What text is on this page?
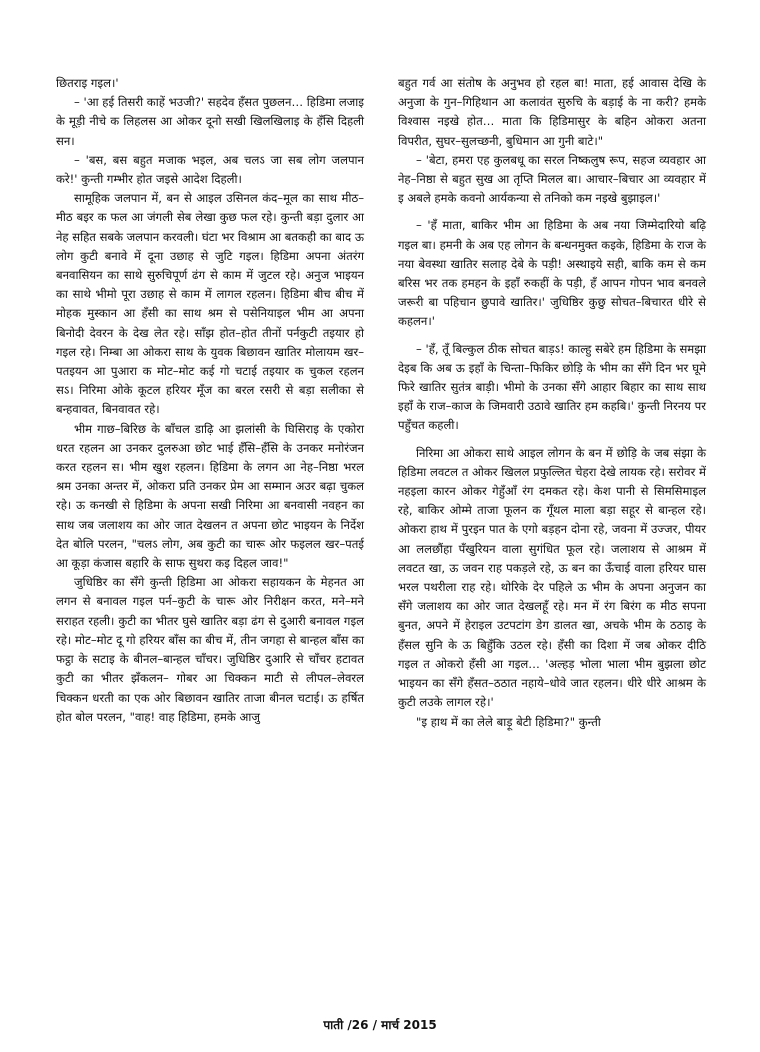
छितराइ गइल।'

– 'आ हई तिसरी काहें भउजी?' सहदेव हँसत पुछलन… हिडिमा लजाइ के मूड़ी नीचे क लिहलस आ ओकर दूनो सखी खिलखिलाइ के हँसि दिहली सन।

– 'बस, बस बहुत मजाक भइल, अब चलऽ जा सब लोग जलपान करे!' कुन्ती गम्भीर होत जइसे आदेश दिहली।

सामूहिक जलपान में, बन से आइल उसिनल कंद–मूल का साथ मीठ–मीठ बइर क फल आ जंगली सेब लेखा कुछ फल रहे। कुन्ती बड़ा दुलार आ नेह सहित सबके जलपान करवली। घंटा भर विश्राम आ बतकही का बाद ऊ लोग कुटी बनावे में दूना उछाह से जुटि गइल। हिडिमा अपना अंतरंग बनवासियन का साथे सुरुचिपूर्ण ढंग से काम में जुटल रहे। अनुज भाइयन का साथे भीमो पूरा उछाह से काम में लागल रहलन। हिडिमा बीच बीच में मोहक मुस्कान आ हँसी का साथ श्रम से पसेनियाइल भीम आ अपना बिनोदी देवरन के देख लेत रहे। साँझ होत–होत तीनों पर्नकुटी तइयार हो गइल रहे। निम्बा आ ओकरा साथ के युवक बिछावन खातिर मोलायम खर–पतइयन आ पुआरा क मोट–मोट कई गो चटाई तइयार क चुकल रहलन सऽ। निरिमा ओके कूटल हरियर मूँज का बरल रसरी से बड़ा सलीका से बन्हवावत, बिनवावत रहे।

भीम गाछ–बिरिछ के बाँचल डाढ़ि आ झलांसी के घिसिराइ के एकोरा धरत रहलन आ उनकर दुलरुआ छोट भाई हँसि–हँसि के उनकर मनोरंजन करत रहलन स। भीम खुश रहलन। हिडिमा के लगन आ नेह–निष्ठा भरल श्रम उनका अन्तर में, ओकरा प्रति उनकर प्रेम आ सम्मान अउर बढ़ा चुकल रहे। ऊ कनखी से हिडिमा के अपना सखी निरिमा आ बनवासी नवहन का साथ जब जलाशय का ओर जात देखलन त अपना छोट भाइयन के निर्देश देत बोलि परलन, "चलऽ लोग, अब कुटी का चारू ओर फइलल खर–पतई आ कूड़ा कंजास बहारि के साफ सुथरा कइ दिहल जाव!"

जुधिष्ठिर का सँगे कुन्ती हिडिमा आ ओकरा सहायकन के मेहनत आ लगन से बनावल गइल पर्न–कुटी के चारू ओर निरीक्षन करत, मने–मने सराहत रहली। कुटी का भीतर घुसे खातिर बड़ा ढंग से दुआरी बनावल गइल रहे। मोट–मोट दू गो हरियर बाँस का बीच में, तीन जगहा से बान्हल बाँस का फट्ठा के सटाइ के बीनल–बान्हल चाँचर। जुधिष्ठिर दुआरि से चाँचर हटावत कुटी का भीतर झँकलन– गोबर आ चिक्कन माटी से लीपल–लेवरल चिक्कन धरती का एक ओर बिछावन खातिर ताजा बीनल चटाई। ऊ हर्षित होत बोल परलन, "वाह! वाह हिडिमा, हमके आजु

बहुत गर्व आ संतोष के अनुभव हो रहल बा! माता, हई आवास देखि के अनुजा के गुन–गिहिथान आ कलावंत सुरुचि के बड़ाई के ना करी? हमके विश्वास नइखे होत… माता कि हिडिमासुर के बहिन ओकरा अतना विपरीत, सुघर–सुलच्छनी, बुधिमान आ गुनी बाटे।"

– 'बेटा, हमरा एह कुलबधू का सरल निष्कलुष रूप, सहज व्यवहार आ नेह–निष्ठा से बहुत सुख आ तृप्ति मिलल बा। आचार–बिचार आ व्यवहार में इ अबले हमके कवनो आर्यकन्या से तनिको कम नइखे बुझाइल।'

– 'हँ माता, बाकिर भीम आ हिडिमा के अब नया जिम्मेदारियो बढ़ि गइल बा। हमनी के अब एह लोगन के बन्धनमुक्त कइके, हिडिमा के राज के नया बेवस्था खातिर सलाह देबे के पड़ी! अस्थाइये सही, बाकि कम से कम बरिस भर तक हमहन के इहाँ रुकहीं के पड़ी, हँ आपन गोपन भाव बनवले जरूरी बा पहिचान छुपावे खातिर।' जुधिष्ठिर कुछु सोचत–बिचारत धीरे से कहलन।'

– 'हँ, तूँ बिल्कुल ठीक सोचत बाड़ऽ! काल्हु सबेरे हम हिडिमा के समझा देइब कि अब ऊ इहाँ के चिन्ता–फिकिर छोड़ि के भीम का सँगे दिन भर घूमे फिरे खातिर सुतंत्र बाड़ी। भीमो के उनका सँगे आहार बिहार का साथ साथ इहाँ के राज–काज के जिमवारी उठावे खातिर हम कहबि।' कुन्ती निरनय पर पहुँचत कहली।

निरिमा आ ओकरा साथे आइल लोगन के बन में छोड़ि के जब संझा के हिडिमा लवटल त ओकर खिलल प्रफुल्लित चेहरा देखे लायक रहे। सरोवर में नहइला कारन ओकर गेहुँआँ रंग दमकत रहे। केश पानी से सिमसिमाइल रहे, बाकिर ओम्मे ताजा फूलन क गूँथल माला बड़ा सहूर से बान्हल रहे। ओकरा हाथ में पुरइन पात के एगो बड़हन दोना रहे, जवना में उज्जर, पीयर आ ललछौंहा पँखुरियन वाला सुगंधित फूल रहे। जलाशय से आश्रम में लवटत खा, ऊ जवन राह पकड़ले रहे, ऊ बन का ऊँचाई वाला हरियर घास भरल पथरीला राह रहे। थोरिके देर पहिले ऊ भीम के अपना अनुजन का सँगे जलाशय का ओर जात देखलहूँ रहे। मन में रंग बिरंग क मीठ सपना बुनत, अपने में हेराइल उटपटांग डेग डालत खा, अचके भीम के ठठाइ के हँसल सुनि के ऊ बिहुँकि उठल रहे। हँसी का दिशा में जब ओकर दीठि गइल त ओकरो हँसी आ गइल… 'अल्हड़ भोला भाला भीम बुझला छोट भाइयन का सँगे हँसत–ठठात नहाये–धोवे जात रहलन। धीरे धीरे आश्रम के कुटी लउके लागल रहे।'

"इ हाथ में का लेले बाड़ू बेटी हिडिमा?" कुन्ती

पाती /26 / मार्च 2015
